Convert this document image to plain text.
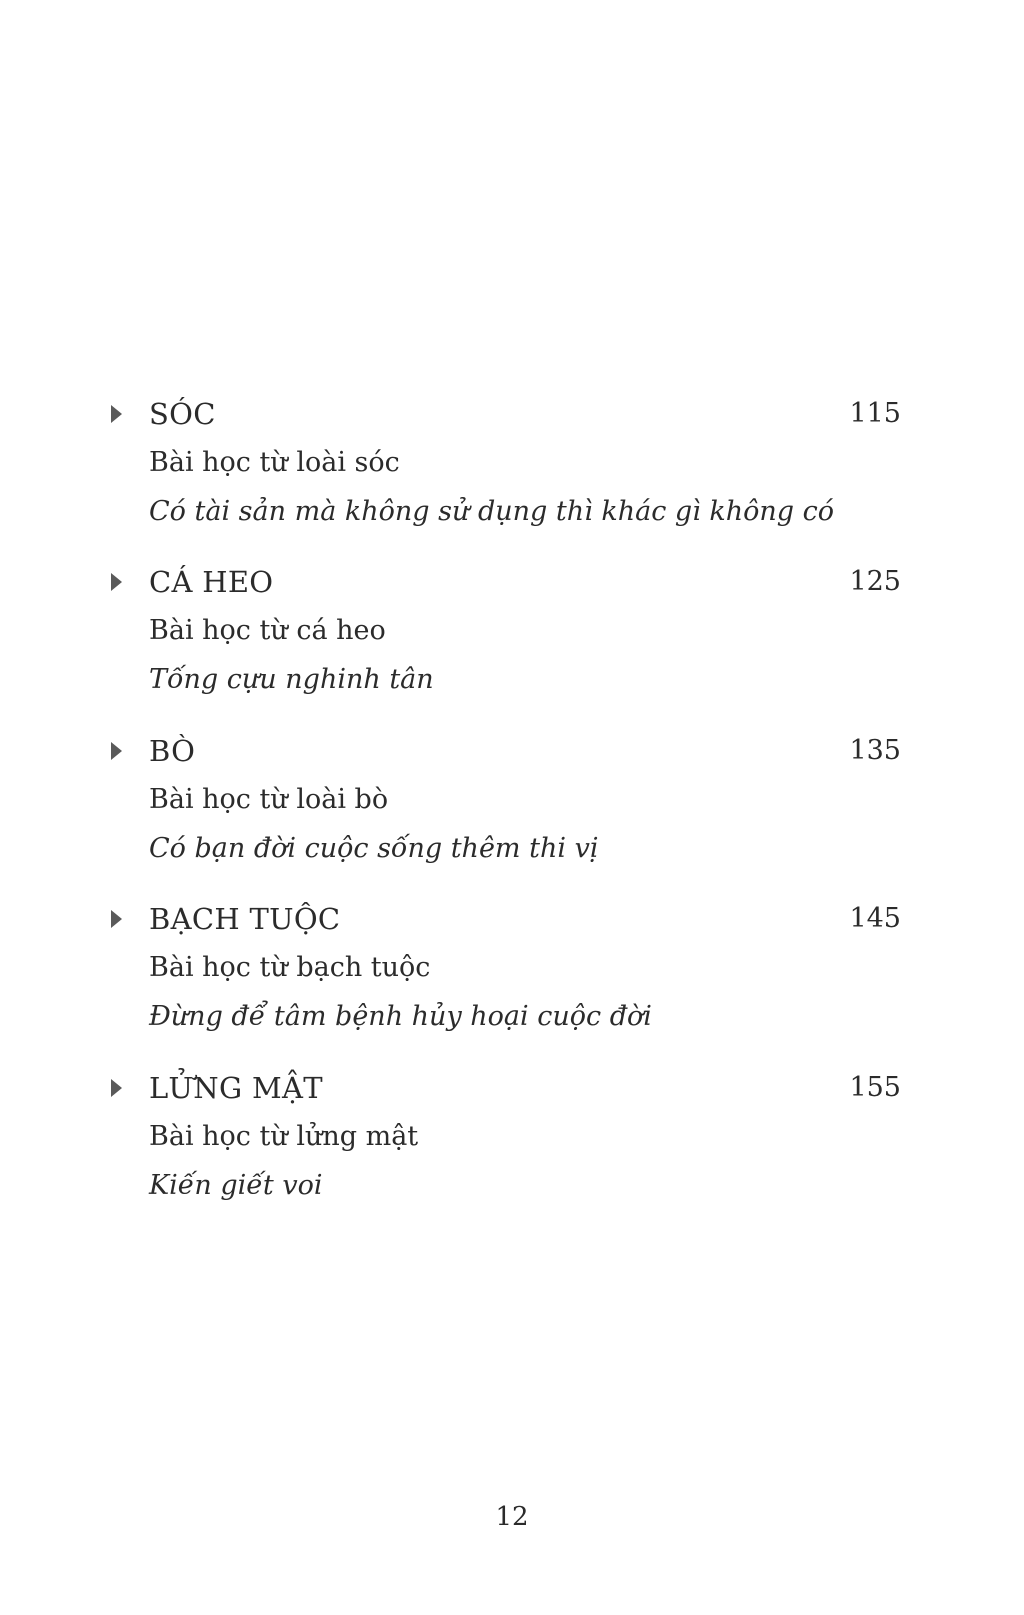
SÓC	115
Bài học từ loài sóc
Có tài sản mà không sử dụng thì khác gì không có
CÁ HEO	125
Bài học từ cá heo
Tống cựu nghinh tân
BÒ	135
Bài học từ loài bò
Có bạn đời cuộc sống thêm thi vị
BẠCH TUỘC	145
Bài học từ bạch tuộc
Đừng để tâm bệnh hủy hoại cuộc đời
LỬNG MẬT	155
Bài học từ lửng mật
Kiến giết voi
12
